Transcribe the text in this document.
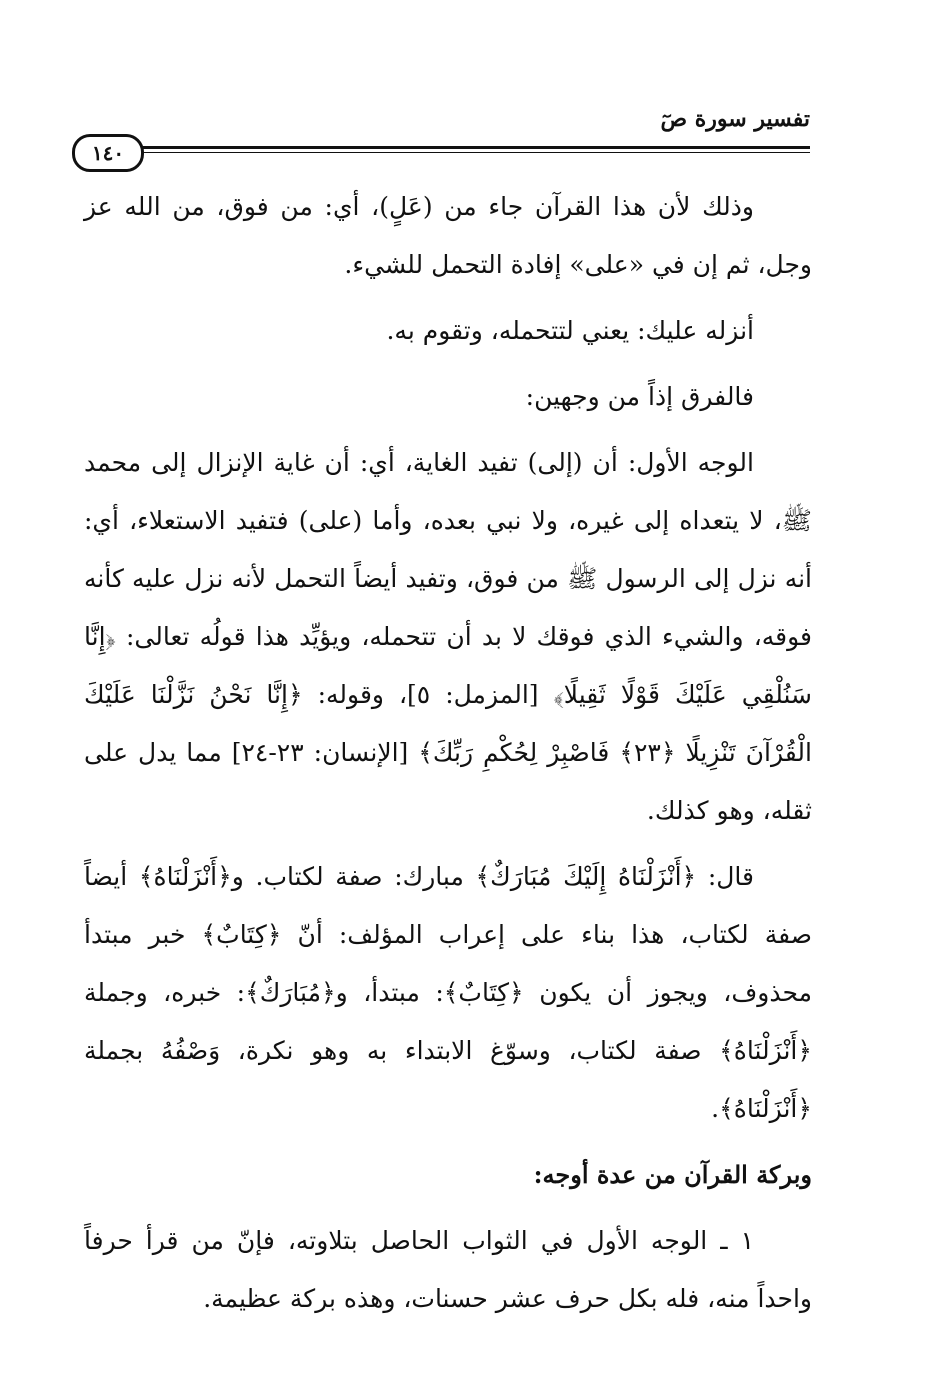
تفسير سورة صٓ
١٤٠

وذلك لأن هذا القرآن جاء من (عَلٍ)، أي: من فوق، من الله عز وجل، ثم إن في «على» إفادة التحمل للشيء.

أنزله عليك: يعني لتتحمله، وتقوم به.

فالفرق إذاً من وجهين:

الوجه الأول: أن (إلى) تفيد الغاية، أي: أن غاية الإنزال إلى محمد ﷺ، لا يتعداه إلى غيره، ولا نبي بعده، وأما (على) فتفيد الاستعلاء، أي: أنه نزل إلى الرسول ﷺ من فوق، وتفيد أيضاً التحمل لأنه نزل عليه كأنه فوقه، والشيء الذي فوقك لا بد أن تتحمله، ويؤيِّد هذا قولُه تعالى: ﴿إِنَّا سَنُلْقِي عَلَيْكَ قَوْلًا ثَقِيلًا﴾ [المزمل: ٥]، وقوله: ﴿إِنَّا نَحْنُ نَزَّلْنَا عَلَيْكَ الْقُرْآنَ تَنْزِيلًا ﴿٢٣﴾ فَاصْبِرْ لِحُكْمِ رَبِّكَ﴾ [الإنسان: ٢٣-٢٤] مما يدل على ثقله، وهو كذلك.

قال: ﴿أَنْزَلْنَاهُ إِلَيْكَ مُبَارَكٌ﴾ مبارك: صفة لكتاب. و﴿أَنْزَلْنَاهُ﴾ أيضاً صفة لكتاب، هذا بناء على إعراب المؤلف: أنّ ﴿كِتَابٌ﴾ خبر مبتدأ محذوف، ويجوز أن يكون ﴿كِتَابٌ﴾: مبتدأ، و﴿مُبَارَكٌ﴾: خبره، وجملة ﴿أَنْزَلْنَاهُ﴾ صفة لكتاب، وسوّغ الابتداء به وهو نكرة، وَصْفُهُ بجملة ﴿أَنْزَلْنَاهُ﴾.

وبركة القرآن من عدة أوجه:

١ ـ الوجه الأول في الثواب الحاصل بتلاوته، فإنّ من قرأ حرفاً واحداً منه، فله بكل حرف عشر حسنات، وهذه بركة عظيمة.
